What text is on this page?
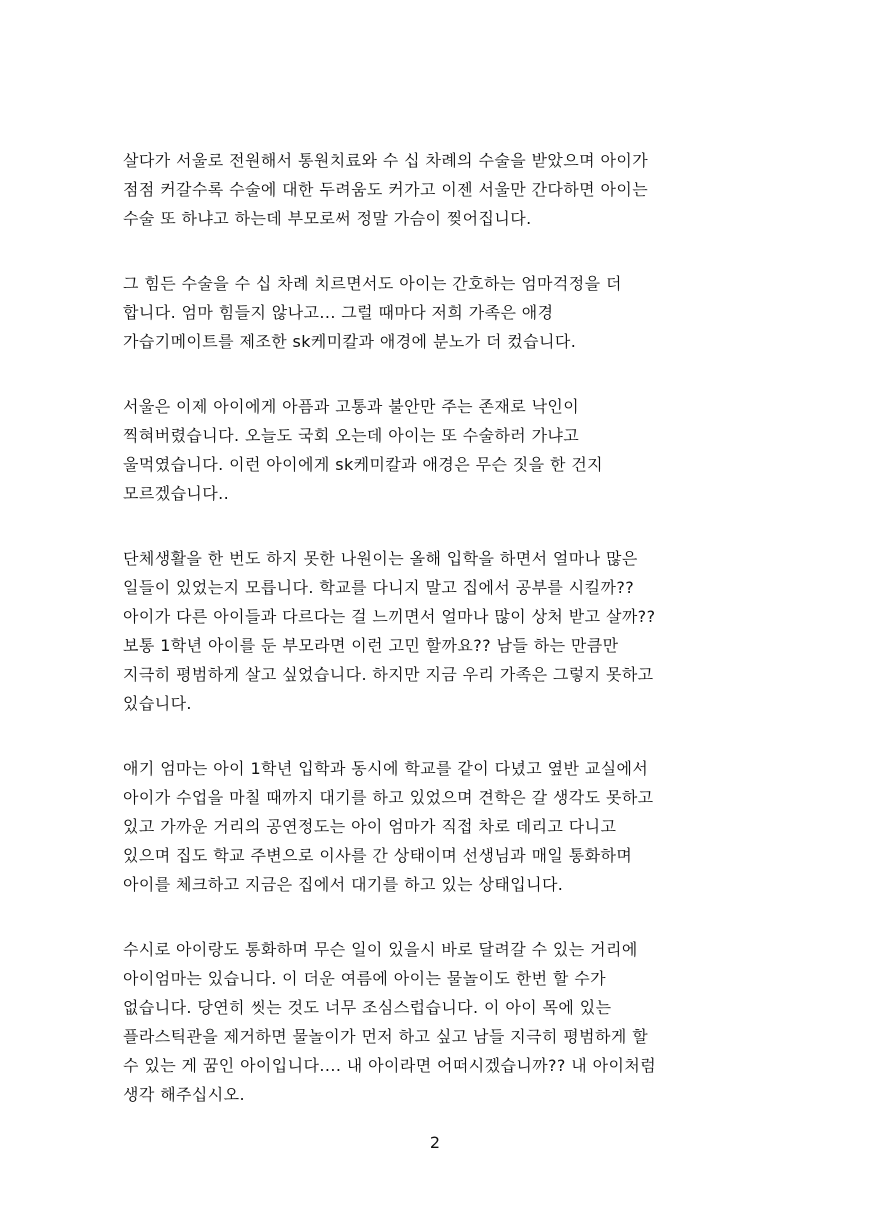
살다가 서울로 전원해서 통원치료와 수 십 차례의 수술을 받았으며 아이가
점점 커갈수록 수술에 대한 두려움도 커가고 이젠 서울만 간다하면 아이는
수술 또 하냐고 하는데 부모로써 정말 가슴이 찢어집니다.

그 힘든 수술을 수 십 차례 치르면서도 아이는 간호하는 엄마걱정을 더
합니다. 엄마 힘들지 않나고... 그럴 때마다 저희 가족은 애경
가습기메이트를 제조한 sk케미칼과 애경에 분노가 더 컸습니다.

서울은 이제 아이에게 아픔과 고통과 불안만 주는 존재로 낙인이
찍혀버렸습니다. 오늘도 국회 오는데 아이는 또 수술하러 가냐고
울먹였습니다. 이런 아이에게 sk케미칼과 애경은 무슨 짓을 한 건지
모르겠습니다..

단체생활을 한 번도 하지 못한 나원이는 올해 입학을 하면서 얼마나 많은
일들이 있었는지 모릅니다. 학교를 다니지 말고 집에서 공부를 시킬까??
아이가 다른 아이들과 다르다는 걸 느끼면서 얼마나 많이 상처 받고 살까??
보통 1학년 아이를 둔 부모라면 이런 고민 할까요?? 남들 하는 만큼만
지극히 평범하게 살고 싶었습니다. 하지만 지금 우리 가족은 그렇지 못하고
있습니다.

애기 엄마는 아이 1학년 입학과 동시에 학교를 같이 다녔고 옆반 교실에서
아이가 수업을 마칠 때까지 대기를 하고 있었으며 견학은 갈 생각도 못하고
있고 가까운 거리의 공연정도는 아이 엄마가 직접 차로 데리고 다니고
있으며 집도 학교 주변으로 이사를 간 상태이며 선생님과 매일 통화하며
아이를 체크하고 지금은 집에서 대기를 하고 있는 상태입니다.

수시로 아이랑도 통화하며 무슨 일이 있을시 바로 달려갈 수 있는 거리에
아이엄마는 있습니다. 이 더운 여름에 아이는 물놀이도 한번 할 수가
없습니다. 당연히 씻는 것도 너무 조심스럽습니다. 이 아이 목에 있는
플라스틱관을 제거하면 물놀이가 먼저 하고 싶고 남들 지극히 평범하게 할
수 있는 게 꿈인 아이입니다.... 내 아이라면 어떠시겠습니까?? 내 아이처럼
생각 해주십시오.

2
